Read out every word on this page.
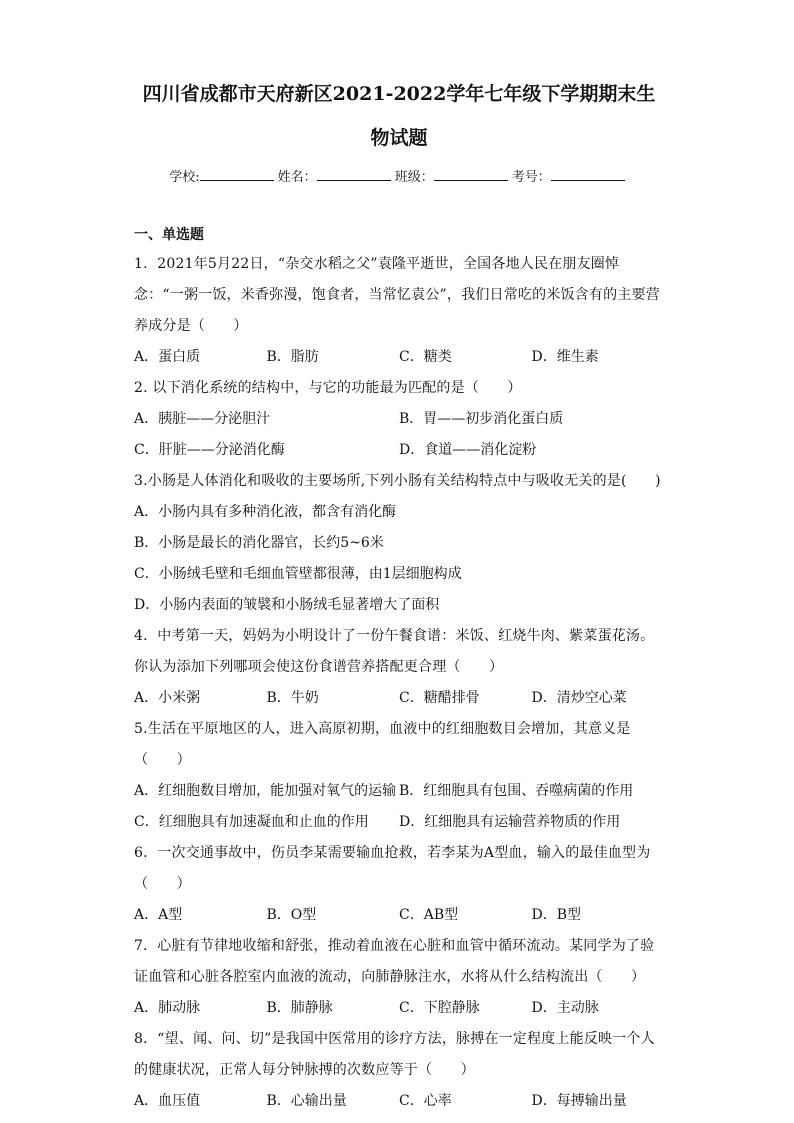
四川省成都市天府新区2021-2022学年七年级下学期期末生
物试题
学校:	姓名：	班级：	考号：
一、单选题
1．2021年5月22日，“杂交水稻之父”袁隆平逝世，全国各地人民在朋友圈悼念：“一粥一饭，米香弥漫，饱食者，当常忆袁公”，我们日常吃的米饭含有的主要营养成分是（　　）
A．蛋白质	B．脂肪	C．糖类	D．维生素
2. 以下消化系统的结构中，与它的功能最为匹配的是（　　）
A．胰脏——分泌胆汁	B．胃——初步消化蛋白质
C．肝脏——分泌消化酶	D．食道——消化淀粉
3.小肠是人体消化和吸收的主要场所,下列小肠有关结构特点中与吸收无关的是(　　)
A．小肠内具有多种消化液，都含有消化酶
B．小肠是最长的消化器官，长约5~6米
C．小肠绒毛壁和毛细血管壁都很薄，由1层细胞构成
D．小肠内表面的皱襞和小肠绒毛显著增大了面积
4．中考第一天，妈妈为小明设计了一份午餐食谱：米饭、红烧牛肉、紫菜蛋花汤。你认为添加下列哪项会使这份食谱营养搭配更合理（　　）
A．小米粥	B．牛奶	C．糖醋排骨	D．清炒空心菜
5.生活在平原地区的人，进入高原初期，血液中的红细胞数目会增加，其意义是（　　）
A．红细胞数目增加，能加强对氧气的运输 B．红细胞具有包围、吞噬病菌的作用
C．红细胞具有加速凝血和止血的作用	D．红细胞具有运输营养物质的作用
6．一次交通事故中，伤员李某需要输血抢救，若李某为A型血，输入的最佳血型为（　　）
A．A型	B．O型	C．AB型	D．B型
7．心脏有节律地收缩和舒张，推动着血液在心脏和血管中循环流动。某同学为了验证血管和心脏各腔室内血液的流动，向肺静脉注水，水将从什么结构流出（　　）
A．肺动脉	B．肺静脉	C．下腔静脉	D．主动脉
8．“望、闻、问、切”是我国中医常用的诊疗方法，脉搏在一定程度上能反映一个人的健康状况，正常人每分钟脉搏的次数应等于（　　）
A．血压值	B．心输出量	C．心率	D．每搏输出量
